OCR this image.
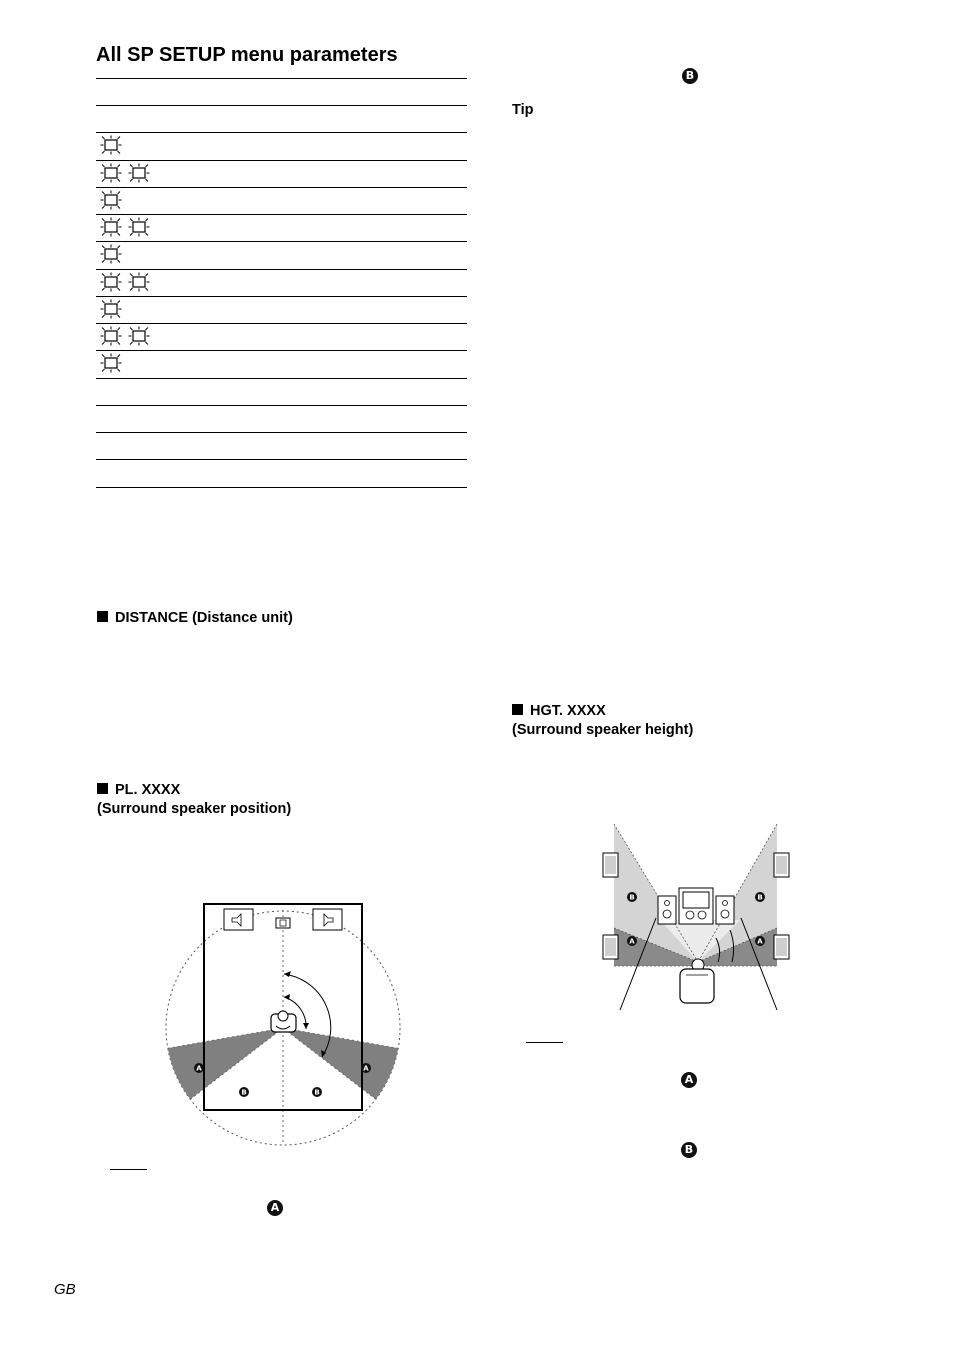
All SP SETUP menu parameters
B
Tip
DISTANCE (Distance unit)
PL. XXXX
(Surround speaker position)
HGT. XXXX
(Surround speaker height)
A	A
B	B
A
B	B
A	A
A
B
GB
